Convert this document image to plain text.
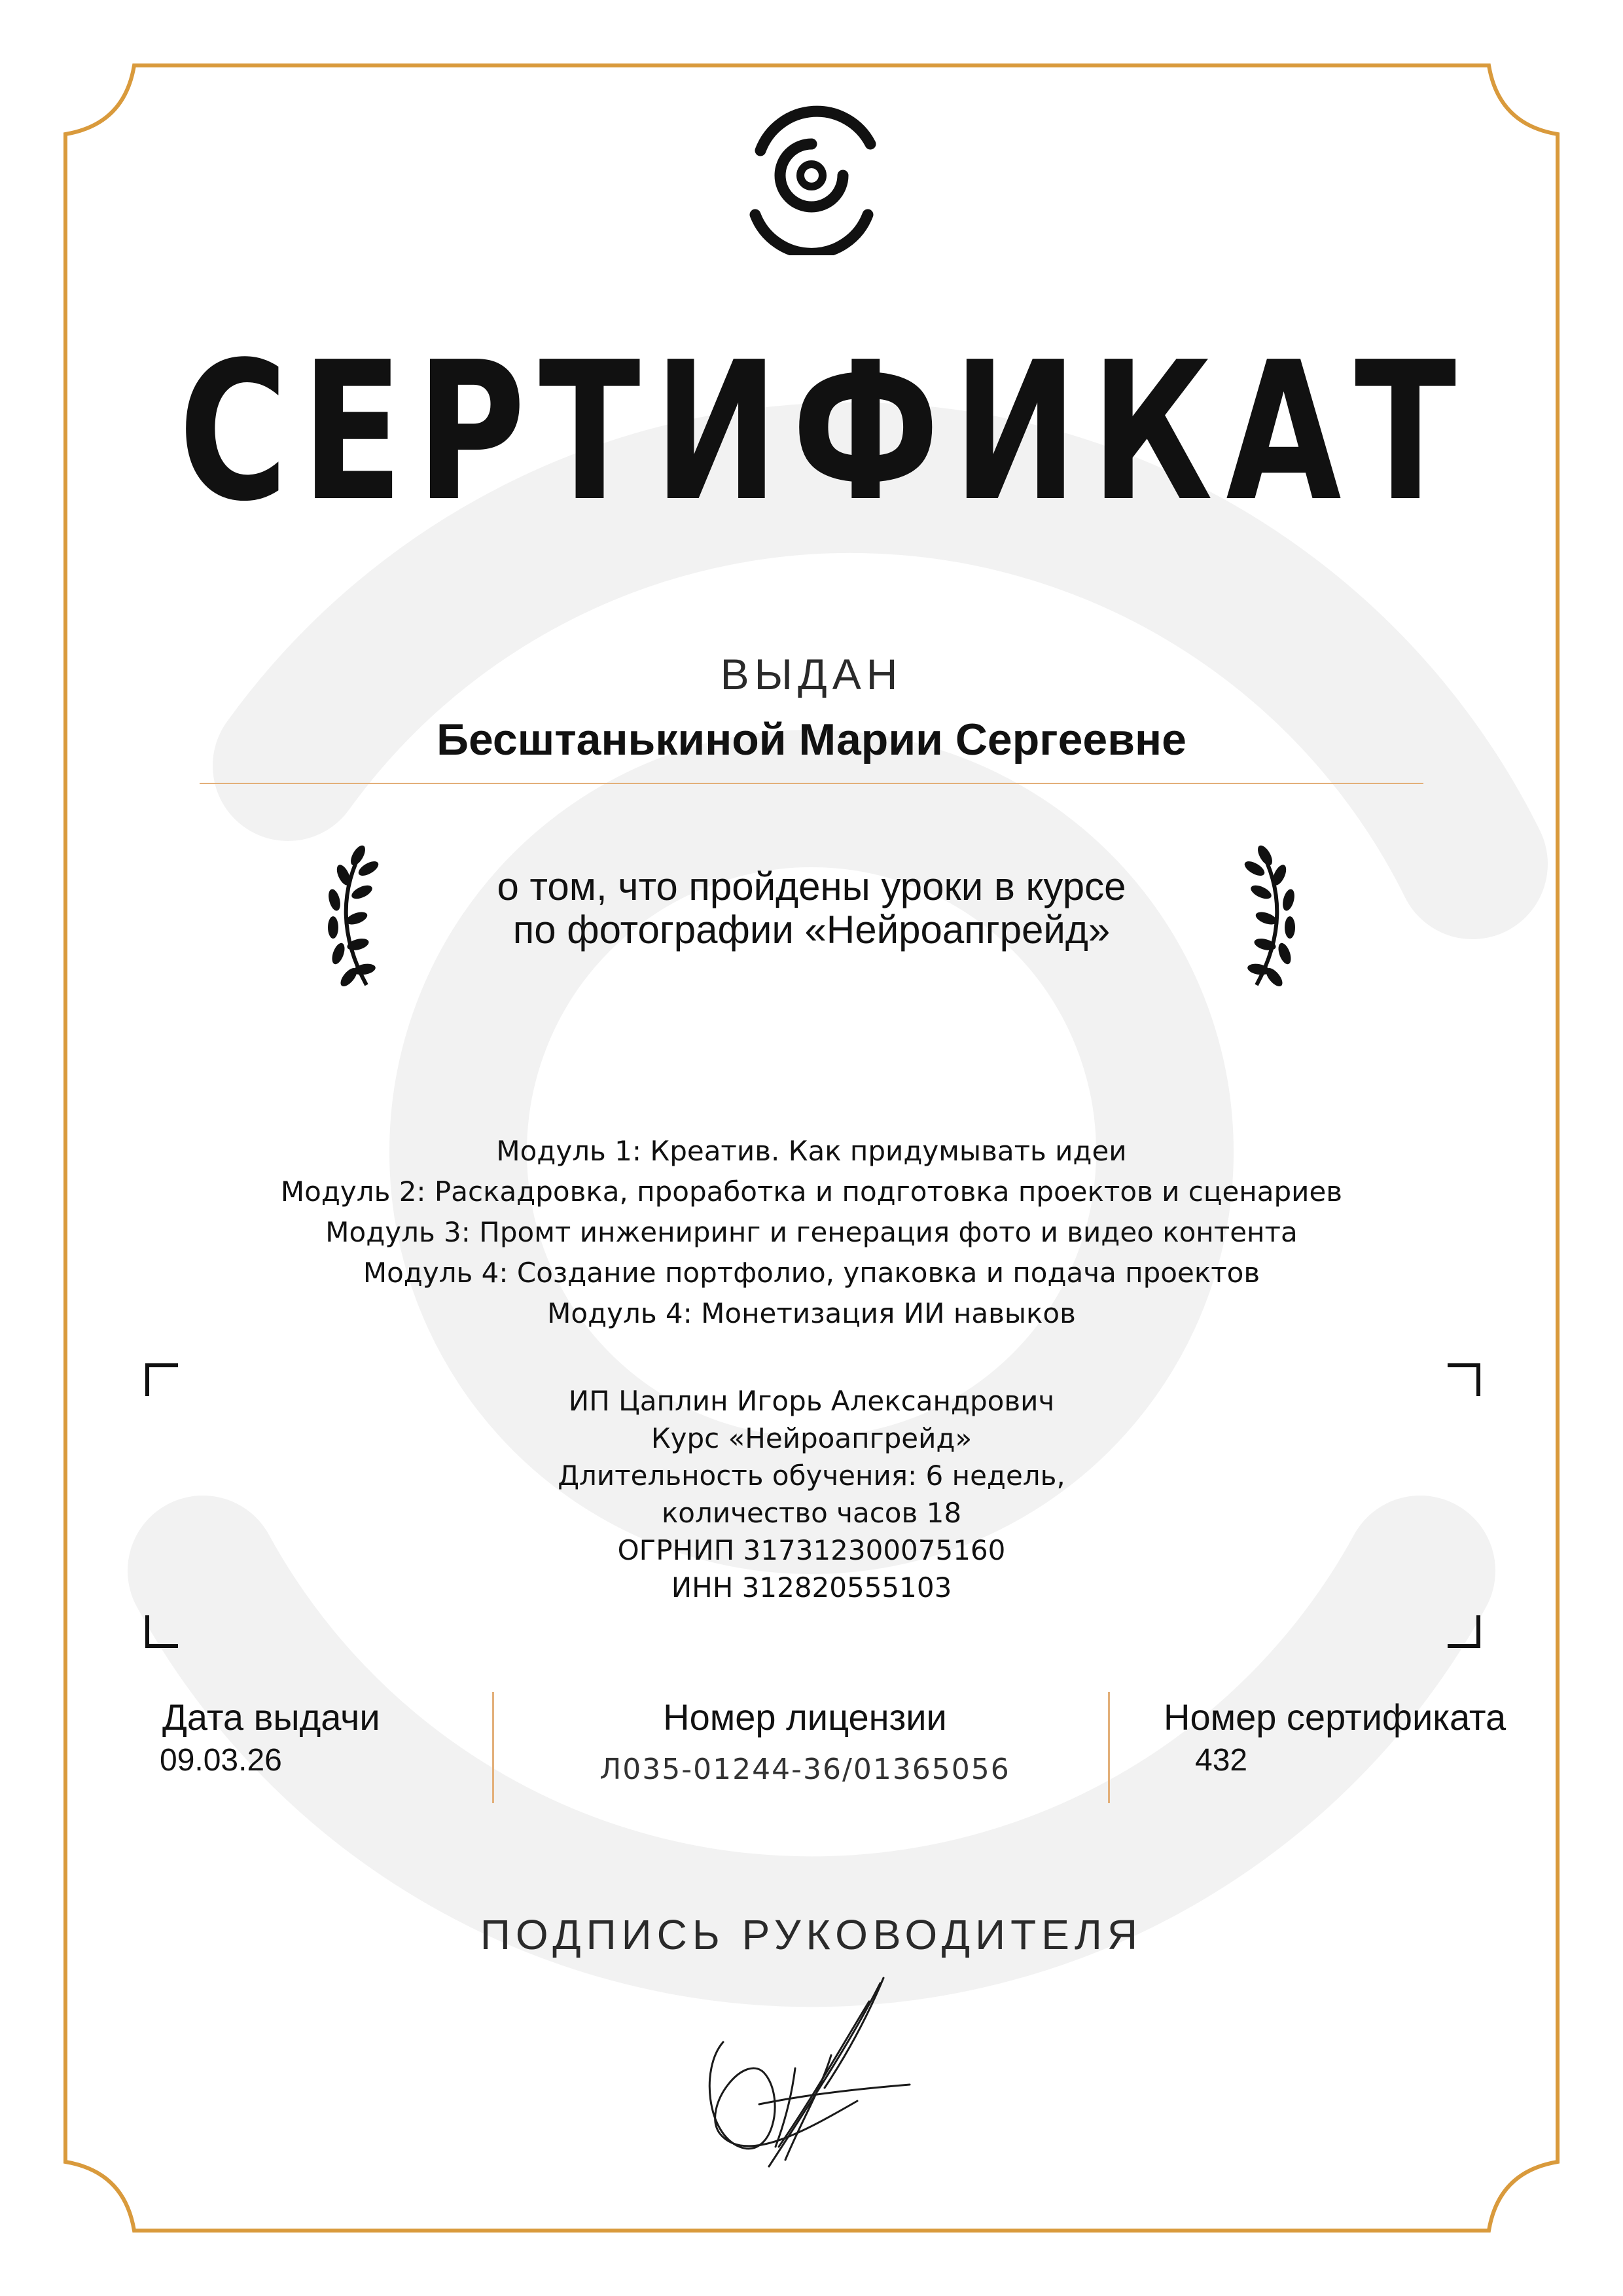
СЕРТИФИКАТ
ВЫДАН
Бесштанькиной Марии Сергеевне
о том, что пройдены уроки в курсе
по фотографии «Нейроапгрейд»
Модуль 1: Креатив. Как придумывать идеи
Модуль 2: Раскадровка, проработка и подготовка проектов и сценариев
Модуль 3: Промт инжениринг и генерация фото и видео контента
Модуль 4: Создание портфолио, упаковка и подача проектов
Модуль 4: Монетизация ИИ навыков
ИП Цаплин Игорь Александрович
Курс «Нейроапгрейд»
Длительность обучения: 6 недель,
количество часов 18
ОГРНИП 317312300075160
ИНН 312820555103
Дата выдачи
09.03.26
Номер лицензии
Л035-01244-36/01365056
Номер сертификата
432
ПОДПИСЬ РУКОВОДИТЕЛЯ
